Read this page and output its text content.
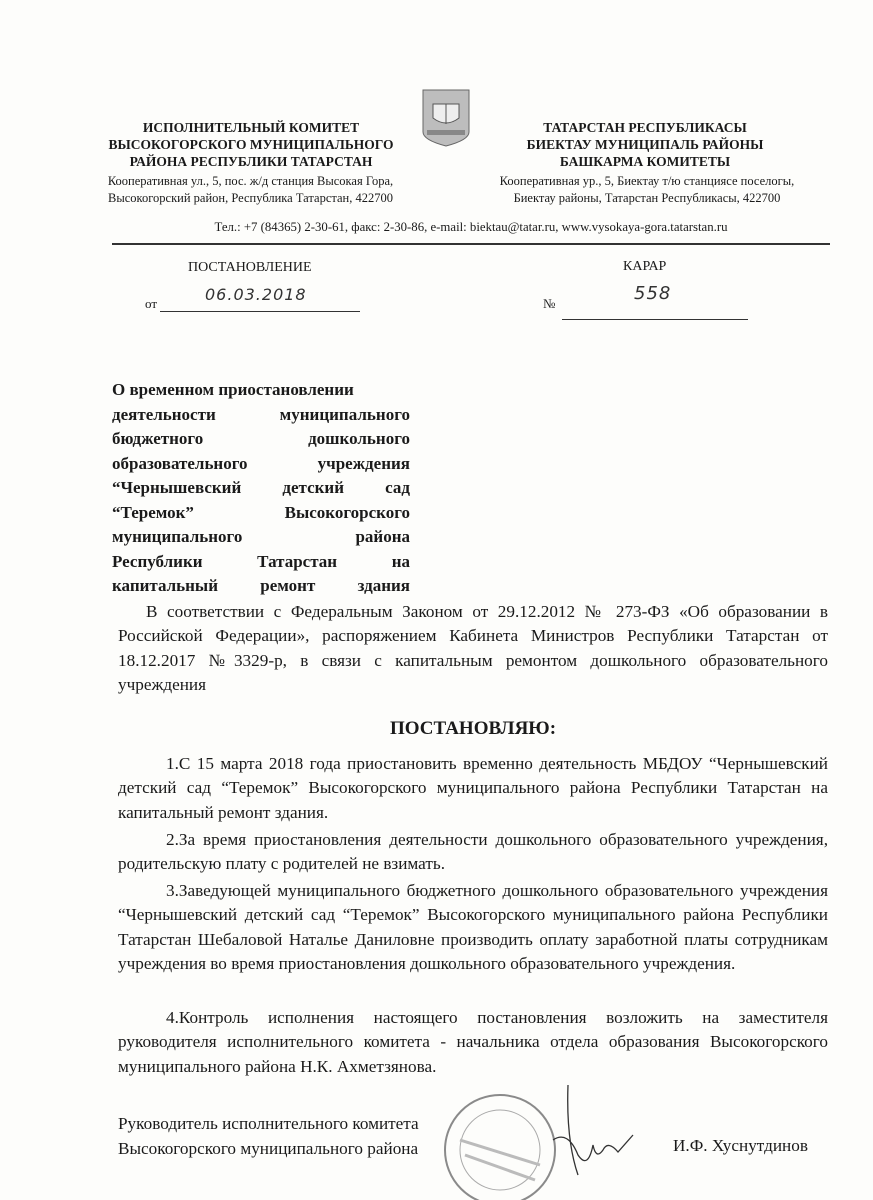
ИСПОЛНИТЕЛЬНЫЙ КОМИТЕТ
ВЫСОКОГОРСКОГО МУНИЦИПАЛЬНОГО
РАЙОНА РЕСПУБЛИКИ ТАТАРСТАН
Кооперативная ул., 5, пос. ж/д станция Высокая Гора,
Высокогорский район, Республика Татарстан, 422700
ТАТАРСТАН РЕСПУБЛИКАСЫ
БИЕКТАУ МУНИЦИПАЛЬ РАЙОНЫ
БАШКАРМА КОМИТЕТЫ
Кооперативная ур., 5, Биектау т/ю станциясе поселогы,
Биектау районы, Татарстан Республикасы, 422700
Тел.: +7 (84365) 2-30-61, факс: 2-30-86, e-mail: biektau@tatar.ru, www.vysokaya-gora.tatarstan.ru
ПОСТАНОВЛЕНИЕ	КАРАР
от	06.03.2018	№	558
О временном приостановлении
деятельности муниципального
бюджетного дошкольного
образовательного учреждения
“Чернышевский детский сад
“Теремок” Высокогорского
муниципального района
Республики Татарстан на
капитальный ремонт здания
В соответствии с Федеральным Законом от 29.12.2012 № 273-ФЗ «Об образовании в Российской Федерации», распоряжением Кабинета Министров Республики Татарстан от 18.12.2017 №3329-р, в связи с капитальным ремонтом дошкольного образовательного учреждения
ПОСТАНОВЛЯЮ:
1.С 15 марта 2018 года приостановить временно деятельность МБДОУ “Чернышевский детский сад “Теремок” Высокогорского муниципального района Республики Татарстан на капитальный ремонт здания.
2.За время приостановления деятельности дошкольного образовательного учреждения, родительскую плату с родителей не взимать.
3.Заведующей муниципального бюджетного дошкольного образовательного учреждения “Чернышевский детский сад “Теремок” Высокогорского муниципального района Республики Татарстан Шебаловой Наталье Даниловне производить оплату заработной платы сотрудникам учреждения во время приостановления дошкольного образовательного учреждения.
4.Контроль исполнения настоящего постановления возложить на заместителя руководителя исполнительного комитета - начальника отдела образования Высокогорского муниципального района Н.К. Ахметзянова.
Руководитель исполнительного комитета
Высокогорского муниципального района	И.Ф. Хуснутдинов
